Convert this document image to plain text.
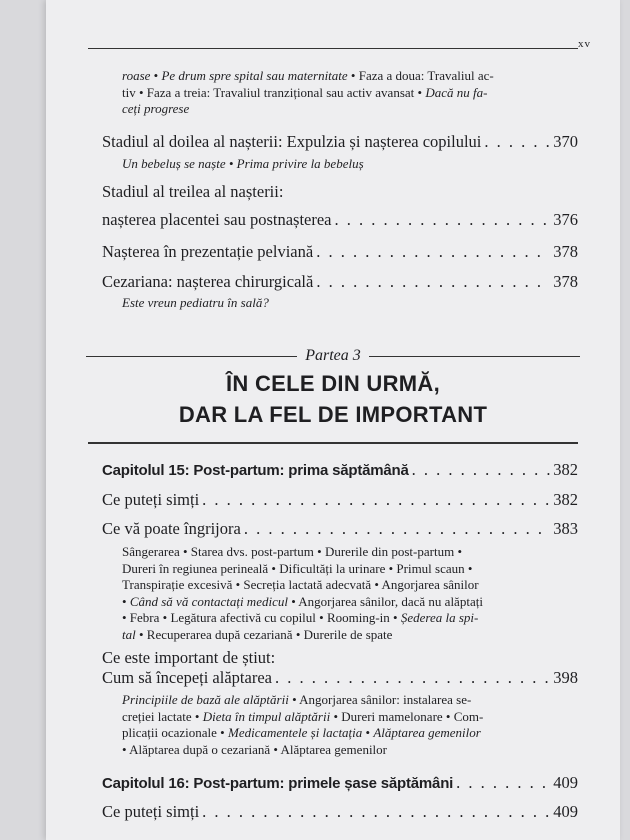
xv
roase • Pe drum spre spital sau maternitate • Faza a doua: Travaliul ac-
tiv • Faza a treia: Travaliul tranzițional sau activ avansat • Dacă nu fa-
ceți progrese
Stadiul al doilea al nașterii: Expulzia și nașterea copilului . . .	370
Un bebeluș se naște • Prima privire la bebeluș
Stadiul al treilea al nașterii:
nașterea placentei sau postnașterea . . .	376
Nașterea în prezentație pelviană . . .	378
Cezariana: nașterea chirurgicală . . .	378
Este vreun pediatru în sală?
Partea 3
ÎN CELE DIN URMĂ,
DAR LA FEL DE IMPORTANT
Capitolul 15: Post-partum: prima săptămână . . .	382
Ce puteți simți . . .	382
Ce vă poate îngrijora . . .	383
Sângerarea • Starea dvs. post-partum • Durerile din post-partum •
Dureri în regiunea perineală • Dificultăți la urinare • Primul scaun •
Transpirație excesivă • Secreția lactată adecvată • Angorjarea sânilor
• Când să vă contactați medicul • Angorjarea sânilor, dacă nu alăptați
• Febra • Legătura afectivă cu copilul • Rooming-in • Șederea la spi-
tal • Recuperarea după cezariană • Durerile de spate
Ce este important de știut:
Cum să începeți alăptarea . . .	398
Principiile de bază ale alăptării • Angorjarea sânilor: instalarea se-
creției lactate • Dieta în timpul alăptării • Dureri mamelonare • Com-
plicații ocazionale • Medicamentele și lactația • Alăptarea gemenilor
• Alăptarea după o cezariană • Alăptarea gemenilor
Capitolul 16: Post-partum: primele șase săptămâni . . .	409
Ce puteți simți . . .	409
